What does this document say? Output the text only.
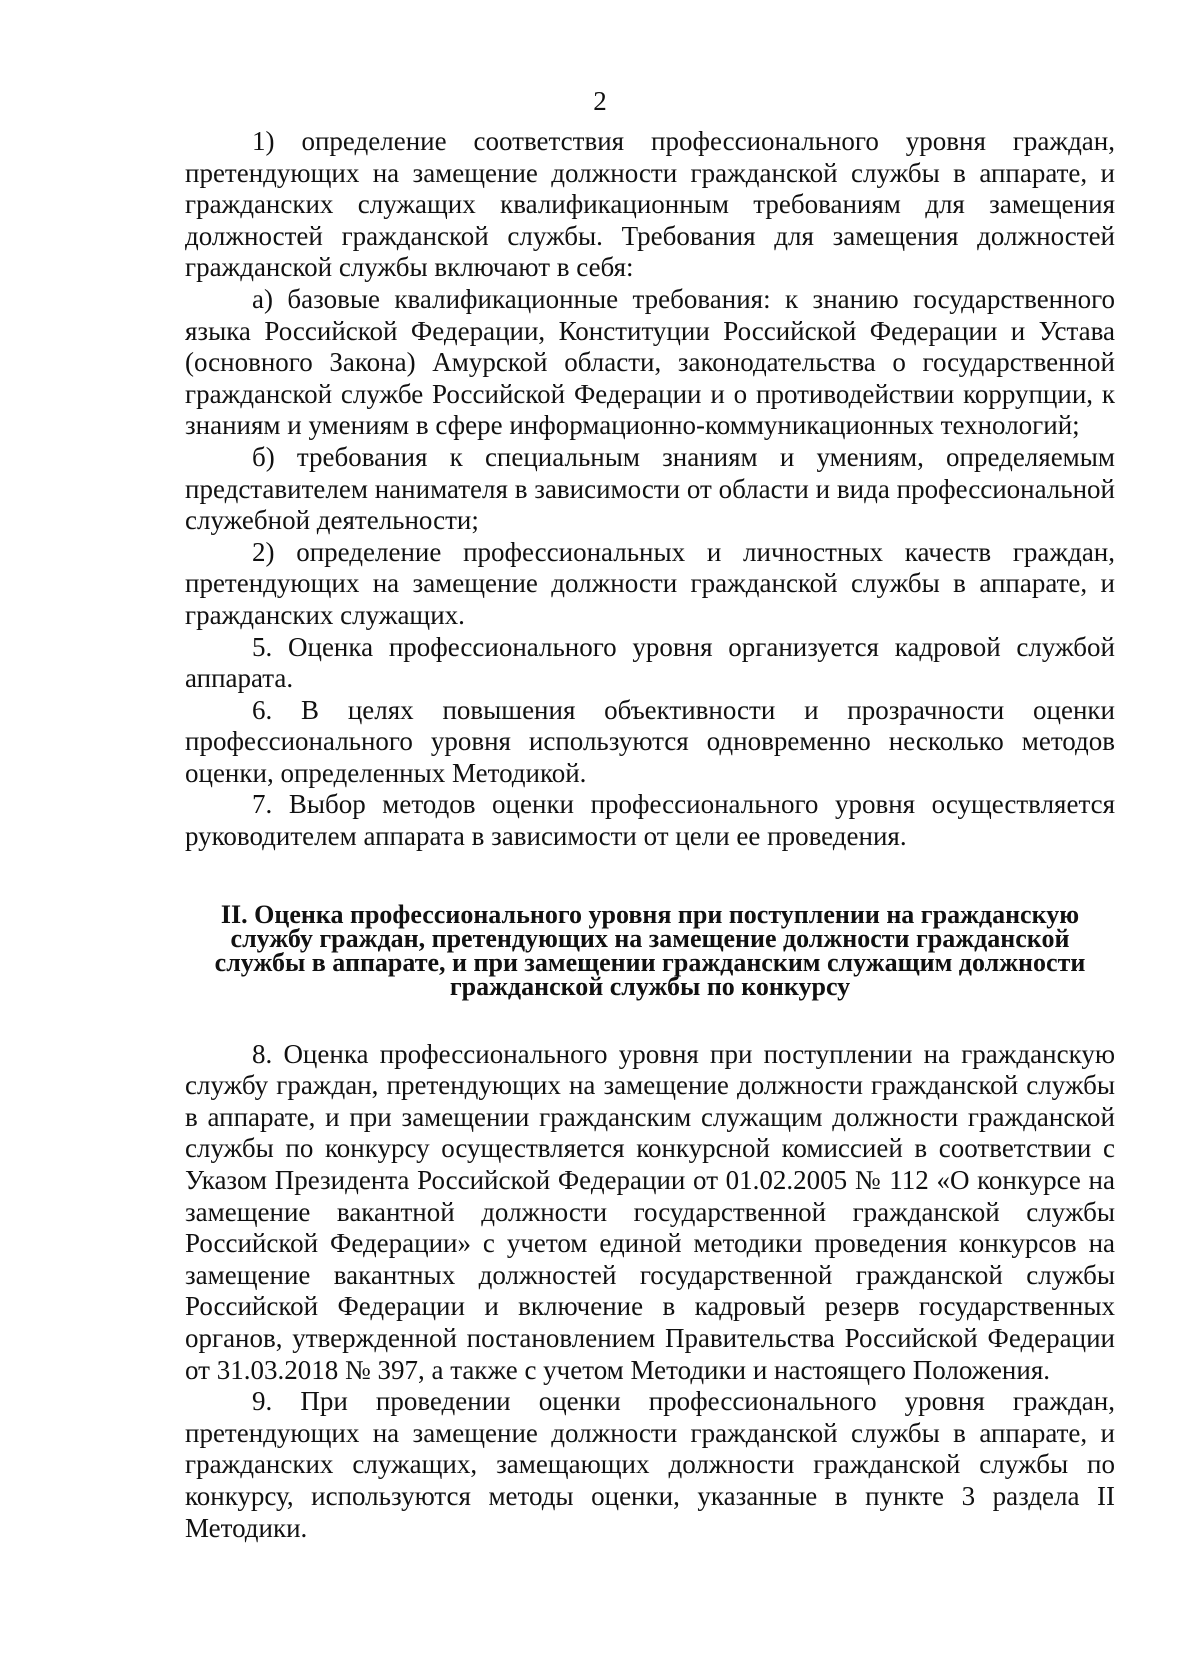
2

1) определение соответствия профессионального уровня граждан, претендующих на замещение должности гражданской службы в аппарате, и гражданских служащих квалификационным требованиям для замещения должностей гражданской службы. Требования для замещения должностей гражданской службы включают в себя:

а) базовые квалификационные требования: к знанию государственного языка Российской Федерации, Конституции Российской Федерации и Устава (основного Закона) Амурской области, законодательства о государственной гражданской службе Российской Федерации и о противодействии коррупции, к знаниям и умениям в сфере информационно-коммуникационных технологий;

б) требования к специальным знаниям и умениям, определяемым представителем нанимателя в зависимости от области и вида профессиональной служебной деятельности;

2) определение профессиональных и личностных качеств граждан, претендующих на замещение должности гражданской службы в аппарате, и гражданских служащих.

5. Оценка профессионального уровня организуется кадровой службой аппарата.

6. В целях повышения объективности и прозрачности оценки профессионального уровня используются одновременно несколько методов оценки, определенных Методикой.

7. Выбор методов оценки профессионального уровня осуществляется руководителем аппарата в зависимости от цели ее проведения.

II. Оценка профессионального уровня при поступлении на гражданскую службу граждан, претендующих на замещение должности гражданской службы в аппарате, и при замещении гражданским служащим должности гражданской службы по конкурсу

8. Оценка профессионального уровня при поступлении на гражданскую службу граждан, претендующих на замещение должности гражданской службы в аппарате, и при замещении гражданским служащим должности гражданской службы по конкурсу осуществляется конкурсной комиссией в соответствии с Указом Президента Российской Федерации от 01.02.2005 № 112 «О конкурсе на замещение вакантной должности государственной гражданской службы Российской Федерации» с учетом единой методики проведения конкурсов на замещение вакантных должностей государственной гражданской службы Российской Федерации и включение в кадровый резерв государственных органов, утвержденной постановлением Правительства Российской Федерации от 31.03.2018 № 397, а также с учетом Методики и настоящего Положения.

9. При проведении оценки профессионального уровня граждан, претендующих на замещение должности гражданской службы в аппарате, и гражданских служащих, замещающих должности гражданской службы по конкурсу, используются методы оценки, указанные в пункте 3 раздела II Методики.
